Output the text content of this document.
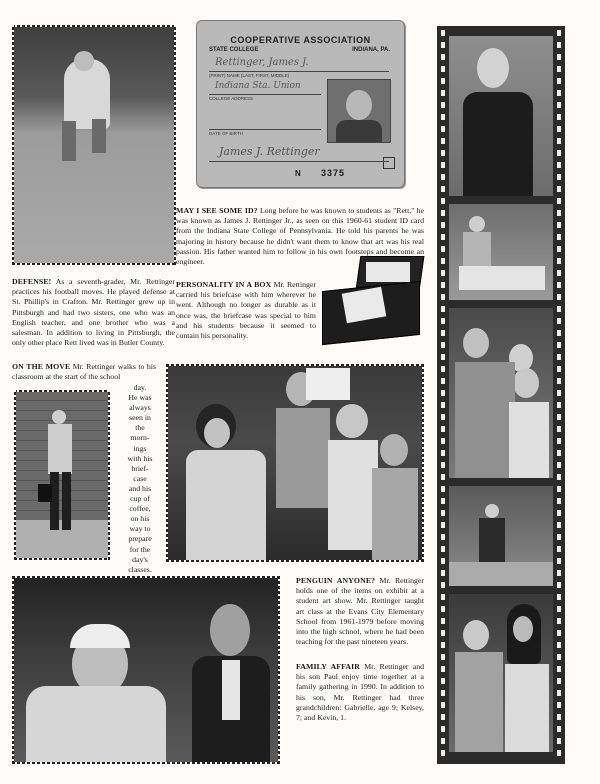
COOPERATIVE ASSOCIATION
STATE COLLEGE	INDIANA, PA.
Rettinger, James J.
(PRINT) NAME (LAST, FIRST, MIDDLE)
Indiana Sta. Union
COLLEGE ADDRESS
DATE OF BIRTH
James J. Rettinger
N 3375
MAY I SEE SOME ID? Long before he was known to students as "Rett," he was known as James J. Rettinger Jr., as seen on this 1960-61 student ID card from the Indiana State College of Pennsylvania. He told his parents he was majoring in history because he didn't want them to know that art was his real passion. His father wanted him to follow in his own footsteps and become an engineer.
PERSONALITY IN A BOX Mr. Rettinger carried his briefcase with him wherever he went. Although no longer as durable as it once was, the briefcase was special to him and his students because it seemed to contain his personality.
DEFENSE! As a seventh-grader, Mr. Rettinger practices his football moves. He played defense at St. Phillip's in Crafton. Mr. Rettinger grew up in Pittsburgh and had two sisters, one who was an English teacher, and one brother who was a salesman. In addition to living in Pittsburgh, the only other place Rett lived was in Butler County.
ON THE MOVE Mr. Rettinger walks to his classroom at the start of the school
day.
He was
always
seen in
the
morn-
ings
with his
brief-
case
and his
cup of
coffee,
on his
way to
prepare
for the
day's
classes.
PENGUIN ANYONE? Mr. Rettinger holds one of the items on exhibit at a student art show. Mr. Rettinger taught art class at the Evans City Elementary School from 1961-1979 before moving into the high school, where he had been teaching for the past nineteen years.
FAMILY AFFAIR Mr. Rettinger and his son Paul enjoy time together at a family gathering in 1990. In addition to his son, Mr. Rettinger had three grandchildren: Gabrielle, age 9; Kelsey, 7; and Kevin, 1.
